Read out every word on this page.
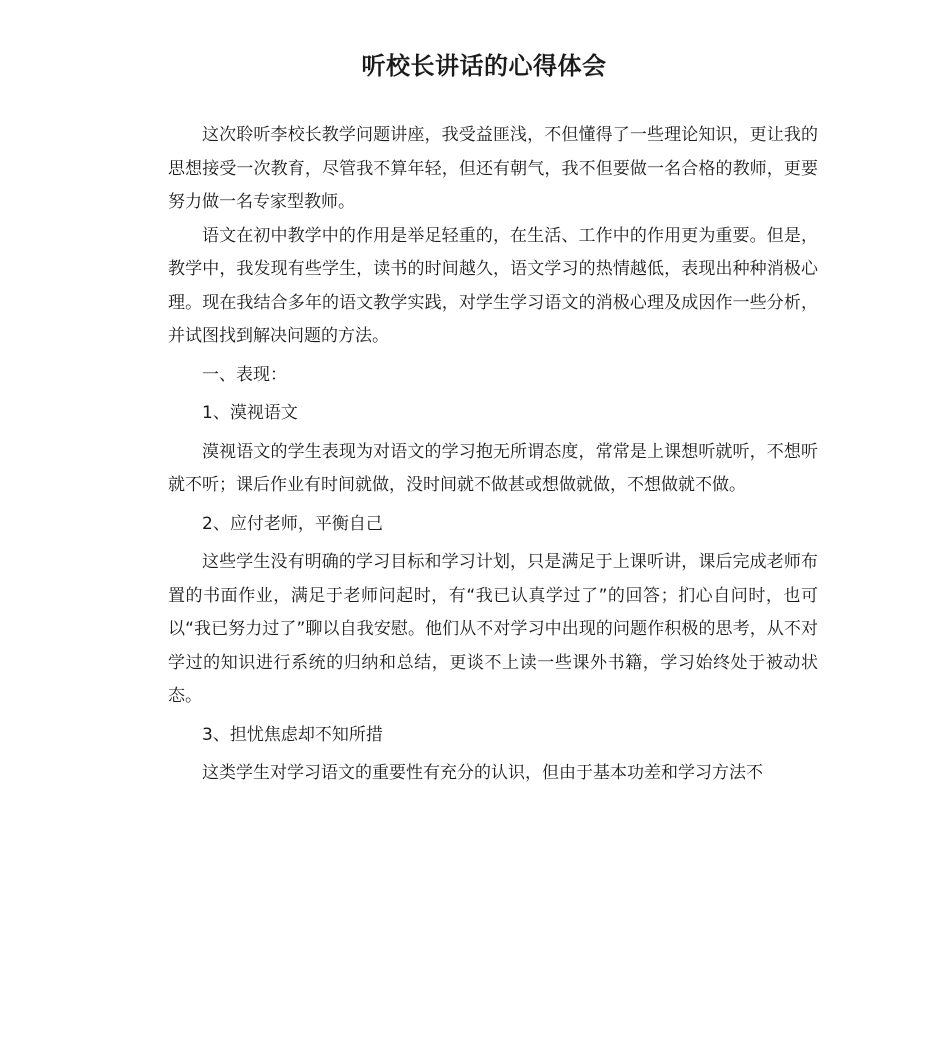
听校长讲话的心得体会

这次聆听李校长教学问题讲座，我受益匪浅，不但懂得了一些理论知识，更让我的思想接受一次教育，尽管我不算年轻，但还有朝气，我不但要做一名合格的教师，更要努力做一名专家型教师。

语文在初中教学中的作用是举足轻重的，在生活、工作中的作用更为重要。但是，教学中，我发现有些学生，读书的时间越久，语文学习的热情越低，表现出种种消极心理。现在我结合多年的语文教学实践，对学生学习语文的消极心理及成因作一些分析，并试图找到解决问题的方法。

一、表现：

1、漠视语文

漠视语文的学生表现为对语文的学习抱无所谓态度，常常是上课想听就听，不想听就不听；课后作业有时间就做，没时间就不做甚或想做就做，不想做就不做。

2、应付老师，平衡自己

这些学生没有明确的学习目标和学习计划，只是满足于上课听讲，课后完成老师布置的书面作业，满足于老师问起时，有“我已认真学过了”的回答；扪心自问时，也可以“我已努力过了”聊以自我安慰。他们从不对学习中出现的问题作积极的思考，从不对学过的知识进行系统的归纳和总结，更谈不上读一些课外书籍，学习始终处于被动状态。

3、担忧焦虑却不知所措

这类学生对学习语文的重要性有充分的认识，但由于基本功差和学习方法不
